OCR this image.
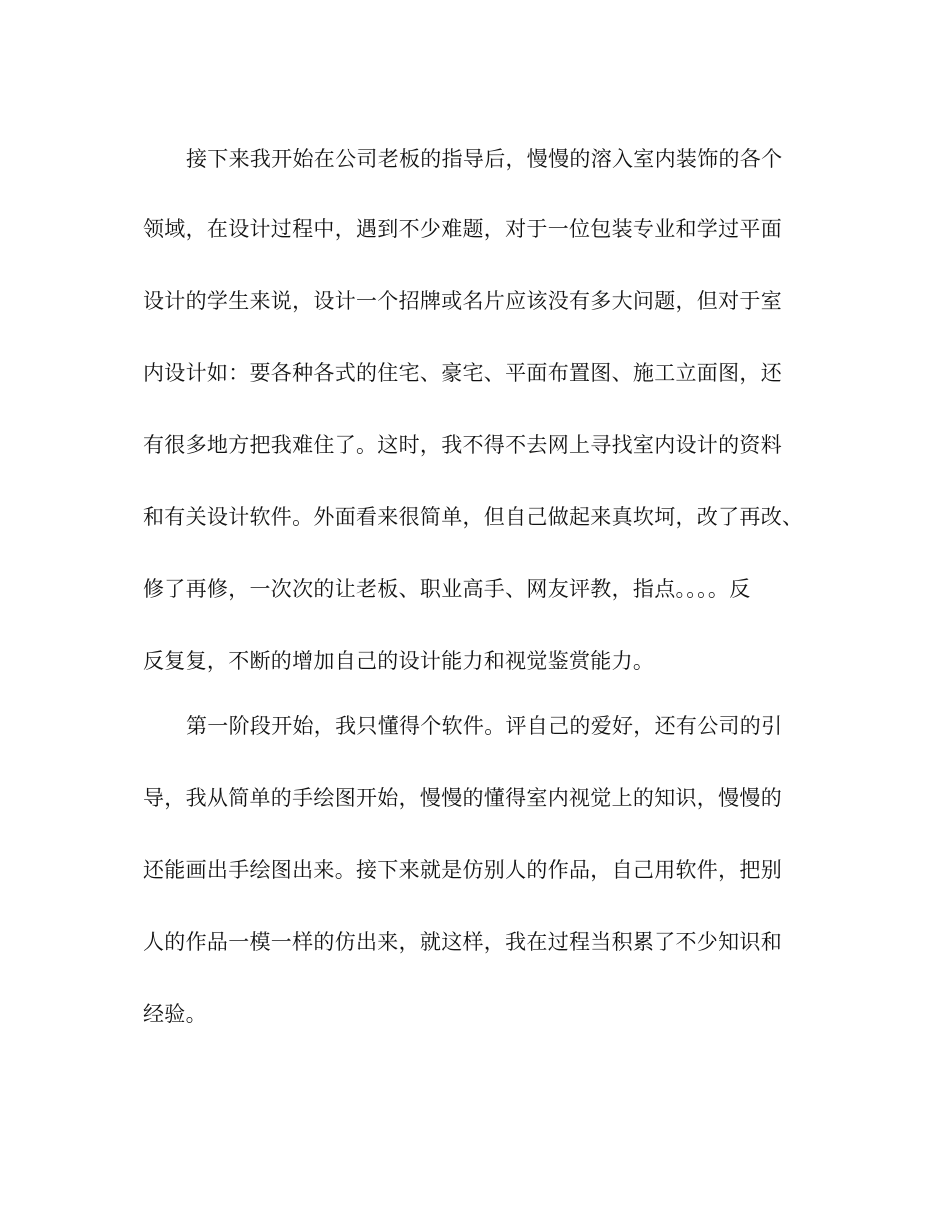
接下来我开始在公司老板的指导后，慢慢的溶入室内装饰的各个
领域，在设计过程中，遇到不少难题，对于一位包装专业和学过平面
设计的学生来说，设计一个招牌或名片应该没有多大问题，但对于室
内设计如：要各种各式的住宅、豪宅、平面布置图、施工立面图，还
有很多地方把我难住了。这时，我不得不去网上寻找室内设计的资料
和有关设计软件。外面看来很简单，但自己做起来真坎坷，改了再改、
修了再修，一次次的让老板、职业高手、网友评教，指点。。。。反
反复复，不断的增加自己的设计能力和视觉鉴赏能力。
第一阶段开始，我只懂得个软件。评自己的爱好，还有公司的引
导，我从简单的手绘图开始，慢慢的懂得室内视觉上的知识，慢慢的
还能画出手绘图出来。接下来就是仿别人的作品，自己用软件，把别
人的作品一模一样的仿出来，就这样，我在过程当积累了不少知识和
经验。
